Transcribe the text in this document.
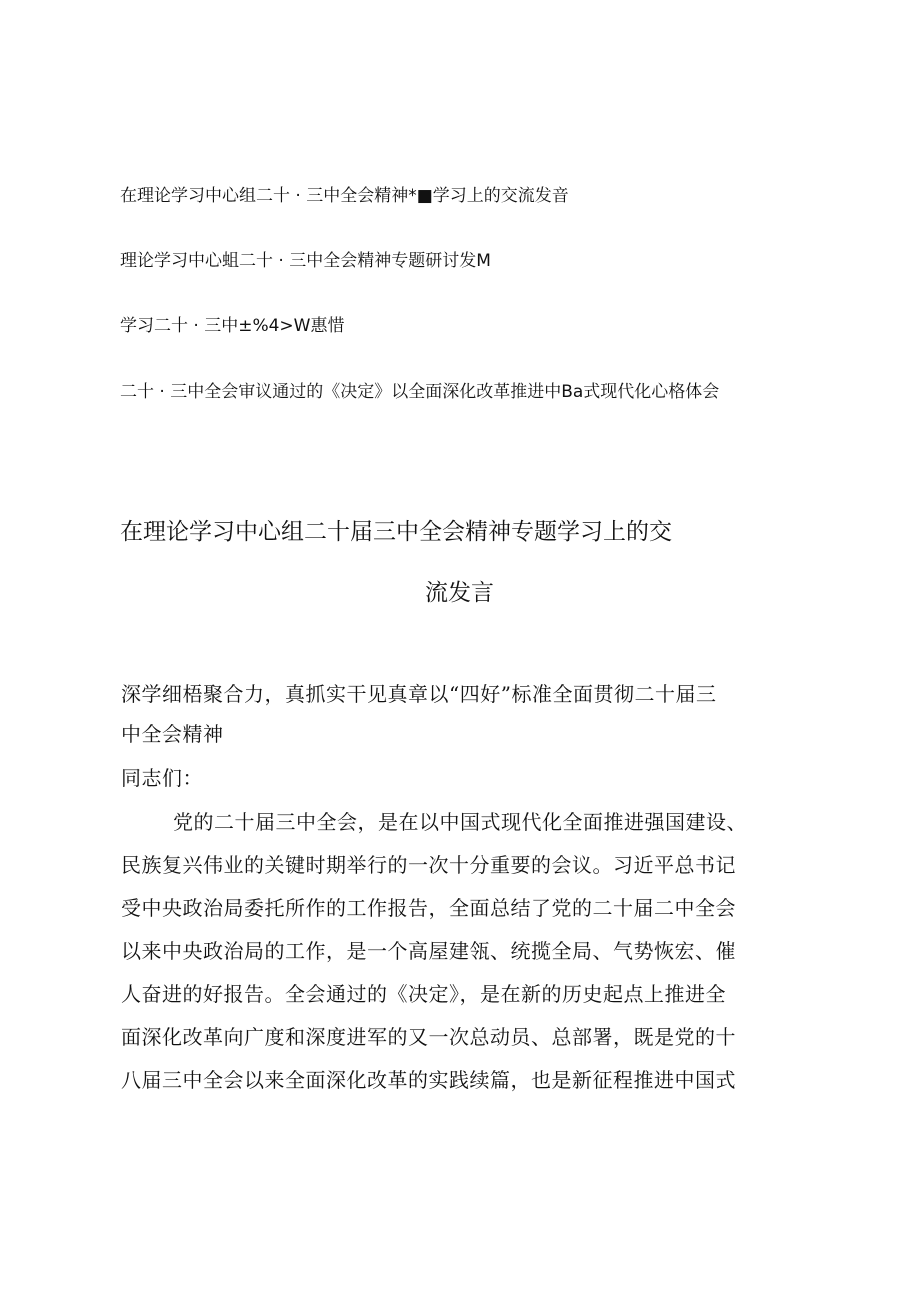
在理论学习中心组二十 · 三中全会精神*■学习上的交流发音
理论学习中心蛆二十 · 三中全会精神专题研讨发M
学习二十 · 三中±%4>W惠惜
二十 · 三中全会审议通过的《决定》以全面深化改革推进中Ba式现代化心格体会
在理论学习中心组二十届三中全会精神专题学习上的交
流发言
深学细梧聚合力，真抓实干见真章以“四好”标准全面贯彻二十届三
中全会精神
同志们：
党的二十届三中全会，是在以中国式现代化全面推进强国建设、
民族复兴伟业的关键时期举行的一次十分重要的会议。习近平总书记
受中央政治局委托所作的工作报告，全面总结了党的二十届二中全会
以来中央政治局的工作，是一个高屋建瓴、统揽全局、气势恢宏、催
人奋进的好报告。全会通过的《决定》，是在新的历史起点上推进全
面深化改革向广度和深度进军的又一次总动员、总部署，既是党的十
八届三中全会以来全面深化改革的实践续篇，也是新征程推进中国式
